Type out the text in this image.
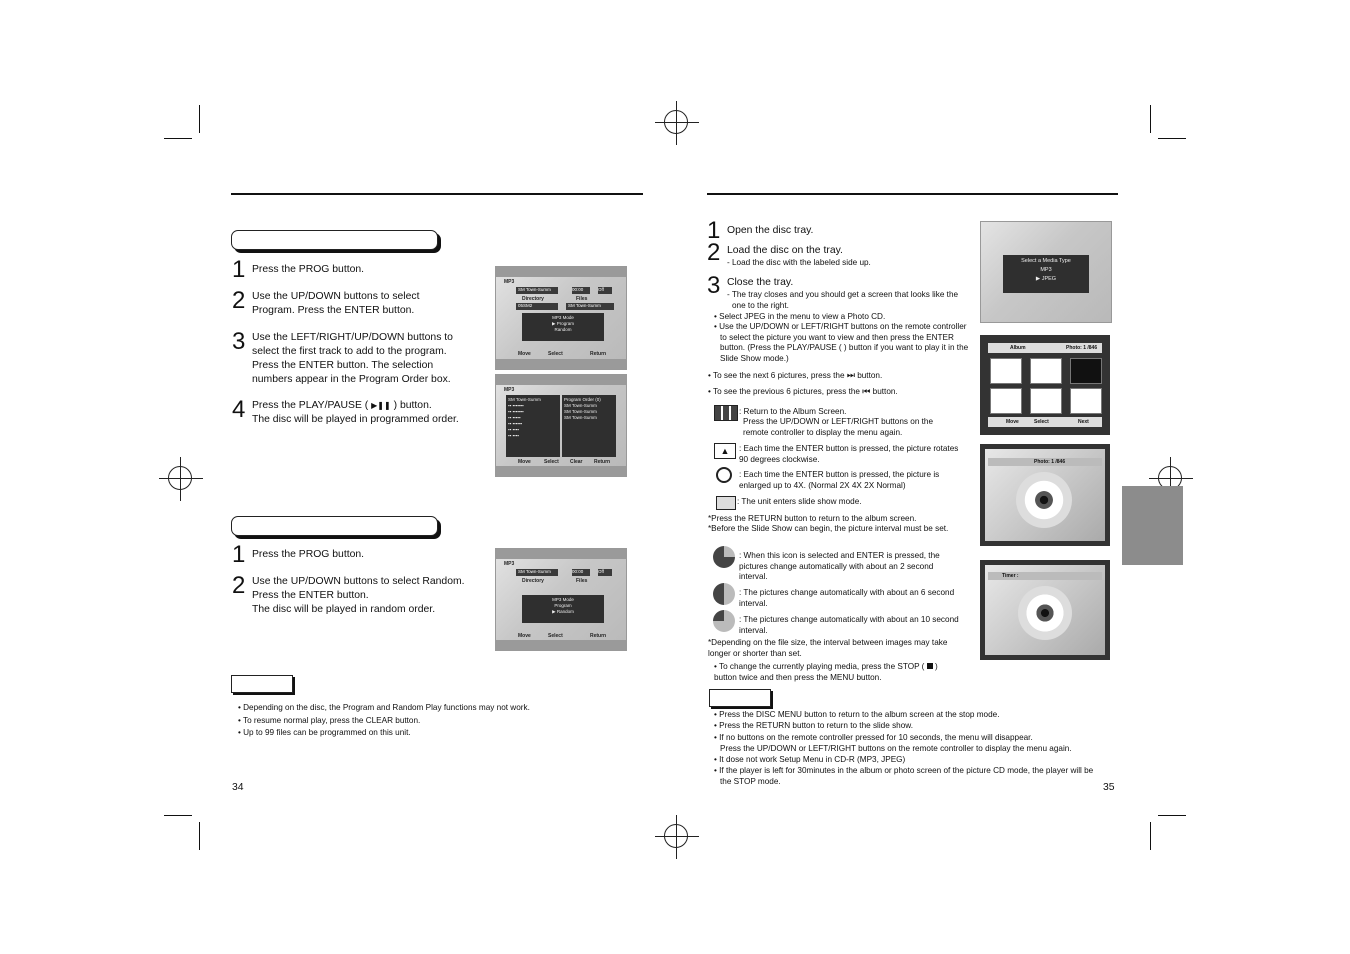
1 Press the PROG button.
2 Use the UP/DOWN buttons to select Program. Press the ENTER button.
3 Use the LEFT/RIGHT/UP/DOWN buttons to select the first track to add to the program. Press the ENTER button. The selection numbers appear in the Program Order box.
4 Press the PLAY/PAUSE ( ▶❚❚ ) button.
The disc will be played in programmed order.
MP3
SM Town-Summ	00:00	Off
Directory	Files
05SM2	SM Town-Summ
MP3 Mode
▶ Program
Random
Move	Select	Return
MP3
SM Town-Summ
▪▪ ▪▪▪▪▪▪▪
▪▪ ▪▪▪▪▪▪▪
▪▪ ▪▪▪▪▪
▪▪ ▪▪▪▪▪▪
▪▪ ▪▪▪▪
▪▪ ▪▪▪▪
Program Order (0)
SM Town-Summ
SM Town-Summ
SM Town-Summ
Move	Select Clear Return
1 Press the PROG button.
2 Use the UP/DOWN buttons to select Random.
Press the ENTER button.
The disc will be played in random order.
MP3
SM Town-Summ	00:00	Off
Directory	Files
MP3 Mode
Program
▶ Random
Move	Select	Return
• Depending on the disc, the Program and Random Play functions may not work.
• To resume normal play, press the CLEAR button.
• Up to 99 files can be programmed on this unit.
34
1 Open the disc tray.
2 Load the disc on the tray.
- Load the disc with the labeled side up.
3 Close the tray.
- The tray closes and you should get a screen that looks like the one to the right.
• Select JPEG in the menu to view a Photo CD.
• Use the UP/DOWN or LEFT/RIGHT buttons on the remote controller to select the picture you want to view and then press the ENTER button. (Press the PLAY/PAUSE ( ) button if you want to play it in the Slide Show mode.)
• To see the next 6 pictures, press the ⏭ button.
• To see the previous 6 pictures, press the ⏮ button.
: Return to the Album Screen.
Press the UP/DOWN or LEFT/RIGHT buttons on the remote controller to display the menu again.
▲	: Each time the ENTER button is pressed, the picture rotates 90 degrees clockwise.
: Each time the ENTER button is pressed, the picture is enlarged up to 4X. (Normal 2X 4X 2X Normal)
: The unit enters slide show mode.
*Press the RETURN button to return to the album screen.
*Before the Slide Show can begin, the picture interval must be set.
: When this icon is selected and ENTER is pressed, the pictures change automatically with about an 2 second interval.
: The pictures change automatically with about an 6 second interval.
: The pictures change automatically with about an 10 second interval.
*Depending on the file size, the interval between images may take longer or shorter than set.
• To change the currently playing media, press the STOP ( ) button twice and then press the MENU button.
• Press the DISC MENU button to return to the album screen at the stop mode.
• Press the RETURN button to return to the slide show.
• If no buttons on the remote controller pressed for 10 seconds, the menu will disappear.
Press the UP/DOWN or LEFT/RIGHT buttons on the remote controller to display the menu again.
• It dose not work Setup Menu in CD-R (MP3, JPEG)
• If the player is left for 30minutes in the album or photo screen of the picture CD mode, the player will be the STOP mode.
35
Select a Media Type
MP3
▶ JPEG
Album	Photo: 1 /846
Move	Select	Next
Photo: 1 /846
Timer :
